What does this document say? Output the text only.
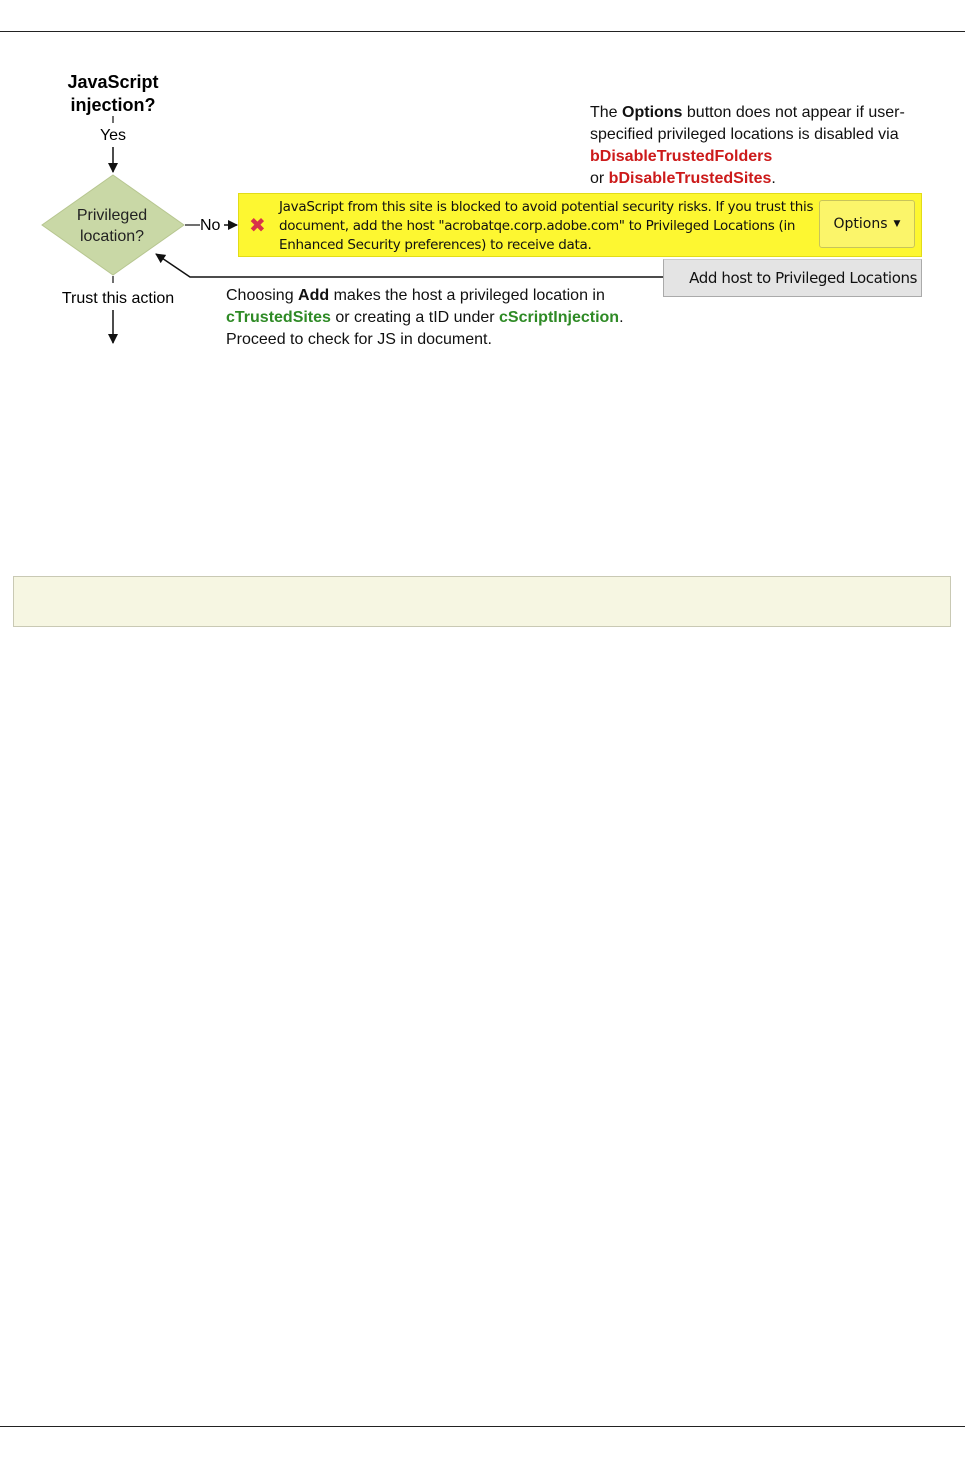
JavaScript
injection?
Yes
Privileged
location?
No
Trust this action
The Options button does not appear if user-specified privileged locations is disabled via bDisableTrustedFolders
or bDisableTrustedSites.
✖
JavaScript from this site is blocked to avoid potential security risks. If you trust this document, add the host "acrobatqe.corp.adobe.com" to Privileged Locations (in Enhanced Security preferences) to receive data.
Options ▼
Add host to Privileged Locations
Choosing Add makes the host a privileged location in
cTrustedSites or creating a tID under cScriptInjection.
Proceed to check for JS in document.
